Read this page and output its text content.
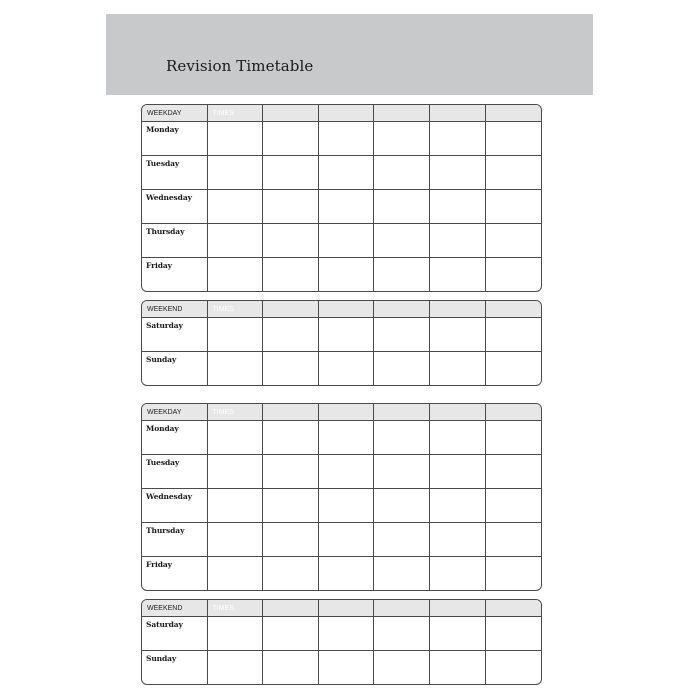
Revision Timetable
WEEKDAY	TIMES					
Monday						
Tuesday						
Wednesday						
Thursday						
Friday						
WEEKEND	TIMES					
Saturday						
Sunday						
WEEKDAY	TIMES					
Monday						
Tuesday						
Wednesday						
Thursday						
Friday						
WEEKEND	TIMES					
Saturday						
Sunday						
